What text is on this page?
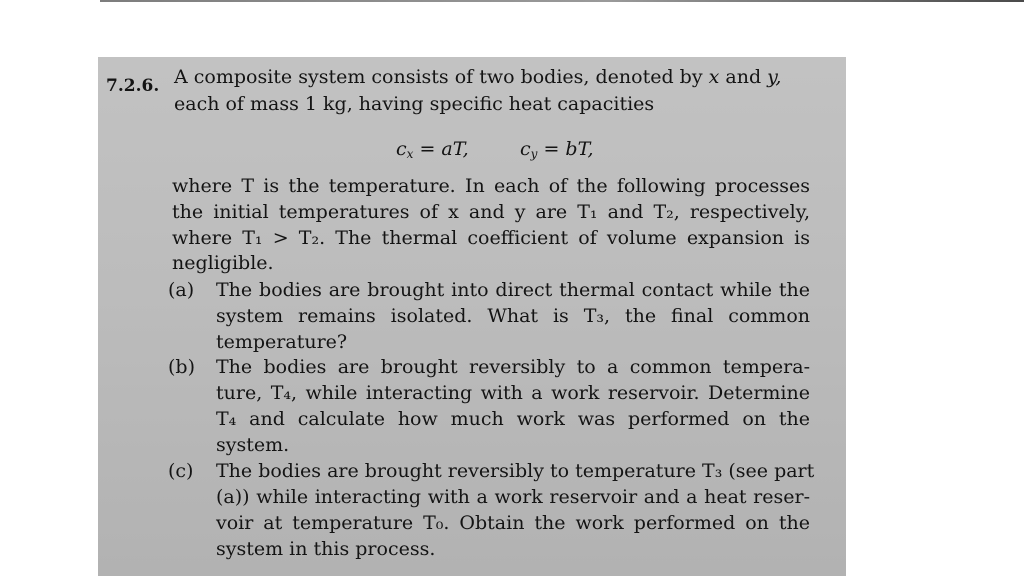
7.2.6. A composite system consists of two bodies, denoted by x and y,
each of mass 1 kg, having specific heat capacities
$c_x$ = aT,	$c_y$ = bT,
where T is the temperature. In each of the following processes
the initial temperatures of x and y are T₁ and T₂, respectively,
where T₁ > T₂. The thermal coefficient of volume expansion is
negligible.
(a) The bodies are brought into direct thermal contact while the
system remains isolated. What is T₃, the final common
temperature?
(b) The bodies are brought reversibly to a common tempera-
ture, T₄, while interacting with a work reservoir. Determine
T₄ and calculate how much work was performed on the
system.
(c) The bodies are brought reversibly to temperature T₃ (see part
(a)) while interacting with a work reservoir and a heat reser-
voir at temperature T₀. Obtain the work performed on the
system in this process.
